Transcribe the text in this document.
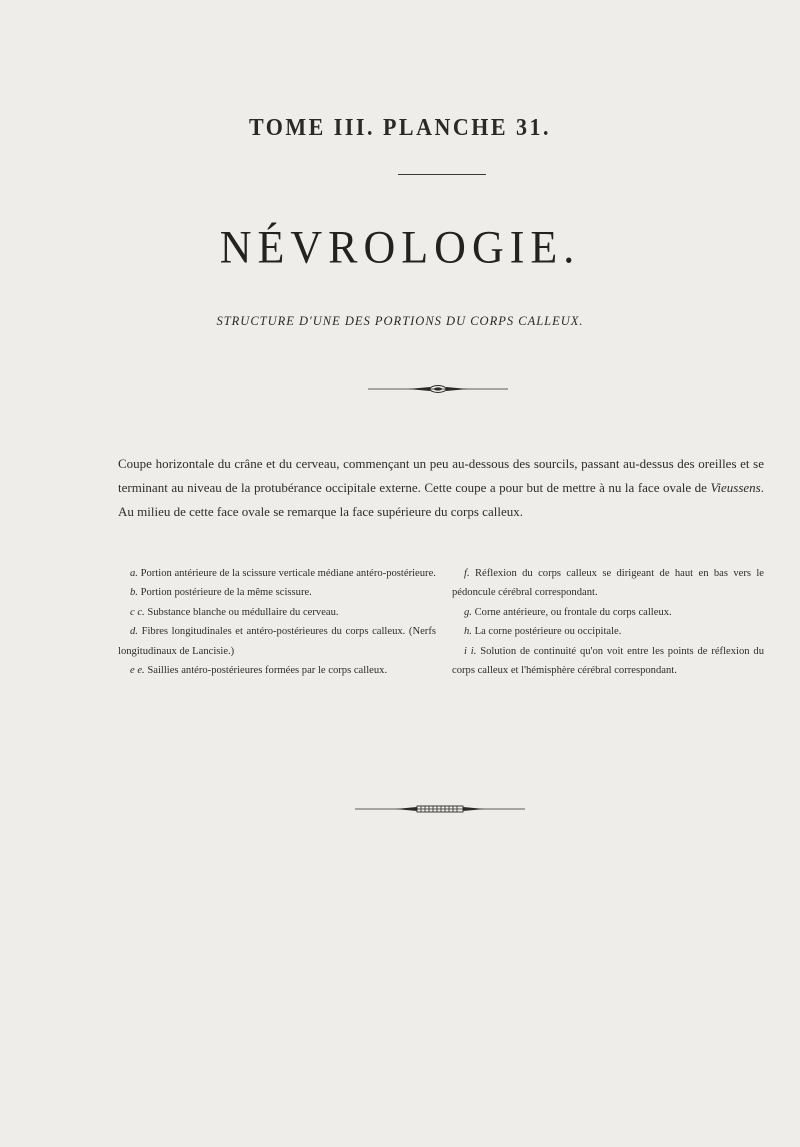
TOME III. PLANCHE 31.
NÉVROLOGIE.
STRUCTURE D'UNE DES PORTIONS DU CORPS CALLEUX.
Coupe horizontale du crâne et du cerveau, commençant un peu au-dessous des sourcils, passant au-dessus des oreilles et se terminant au niveau de la protubérance occipitale externe. Cette coupe a pour but de mettre à nu la face ovale de Vieussens. Au milieu de cette face ovale se remarque la face supérieure du corps calleux.

a. Portion antérieure de la scissure verticale médiane antéro-postérieure.

b. Portion postérieure de la même scissure.

c c. Substance blanche ou médullaire du cerveau.

d. Fibres longitudinales et antéro-postérieures du corps calleux. (Nerfs longitudinaux de Lancisie.)

e e. Saillies antéro-postérieures formées par le corps calleux.

f. Réflexion du corps calleux se dirigeant de haut en bas vers le pédoncule cérébral correspondant.

g. Corne antérieure, ou frontale du corps calleux.

h. La corne postérieure ou occipitale.

i i. Solution de continuité qu'on voit entre les points de réflexion du corps calleux et l'hémisphère cérébral correspondant.
